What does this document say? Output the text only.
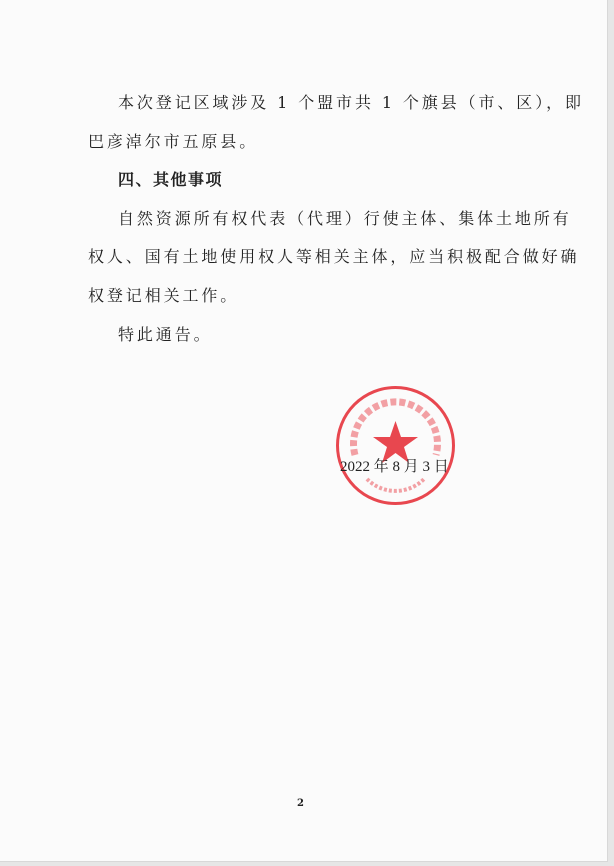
本次登记区域涉及 1 个盟市共 1 个旗县（市、区），即
巴彦淖尔市五原县。
四、其他事项
自然资源所有权代表（代理）行使主体、集体土地所有
权人、国有土地使用权人等相关主体，应当积极配合做好确
权登记相关工作。
特此通告。
2022 年 8 月 3 日
2
